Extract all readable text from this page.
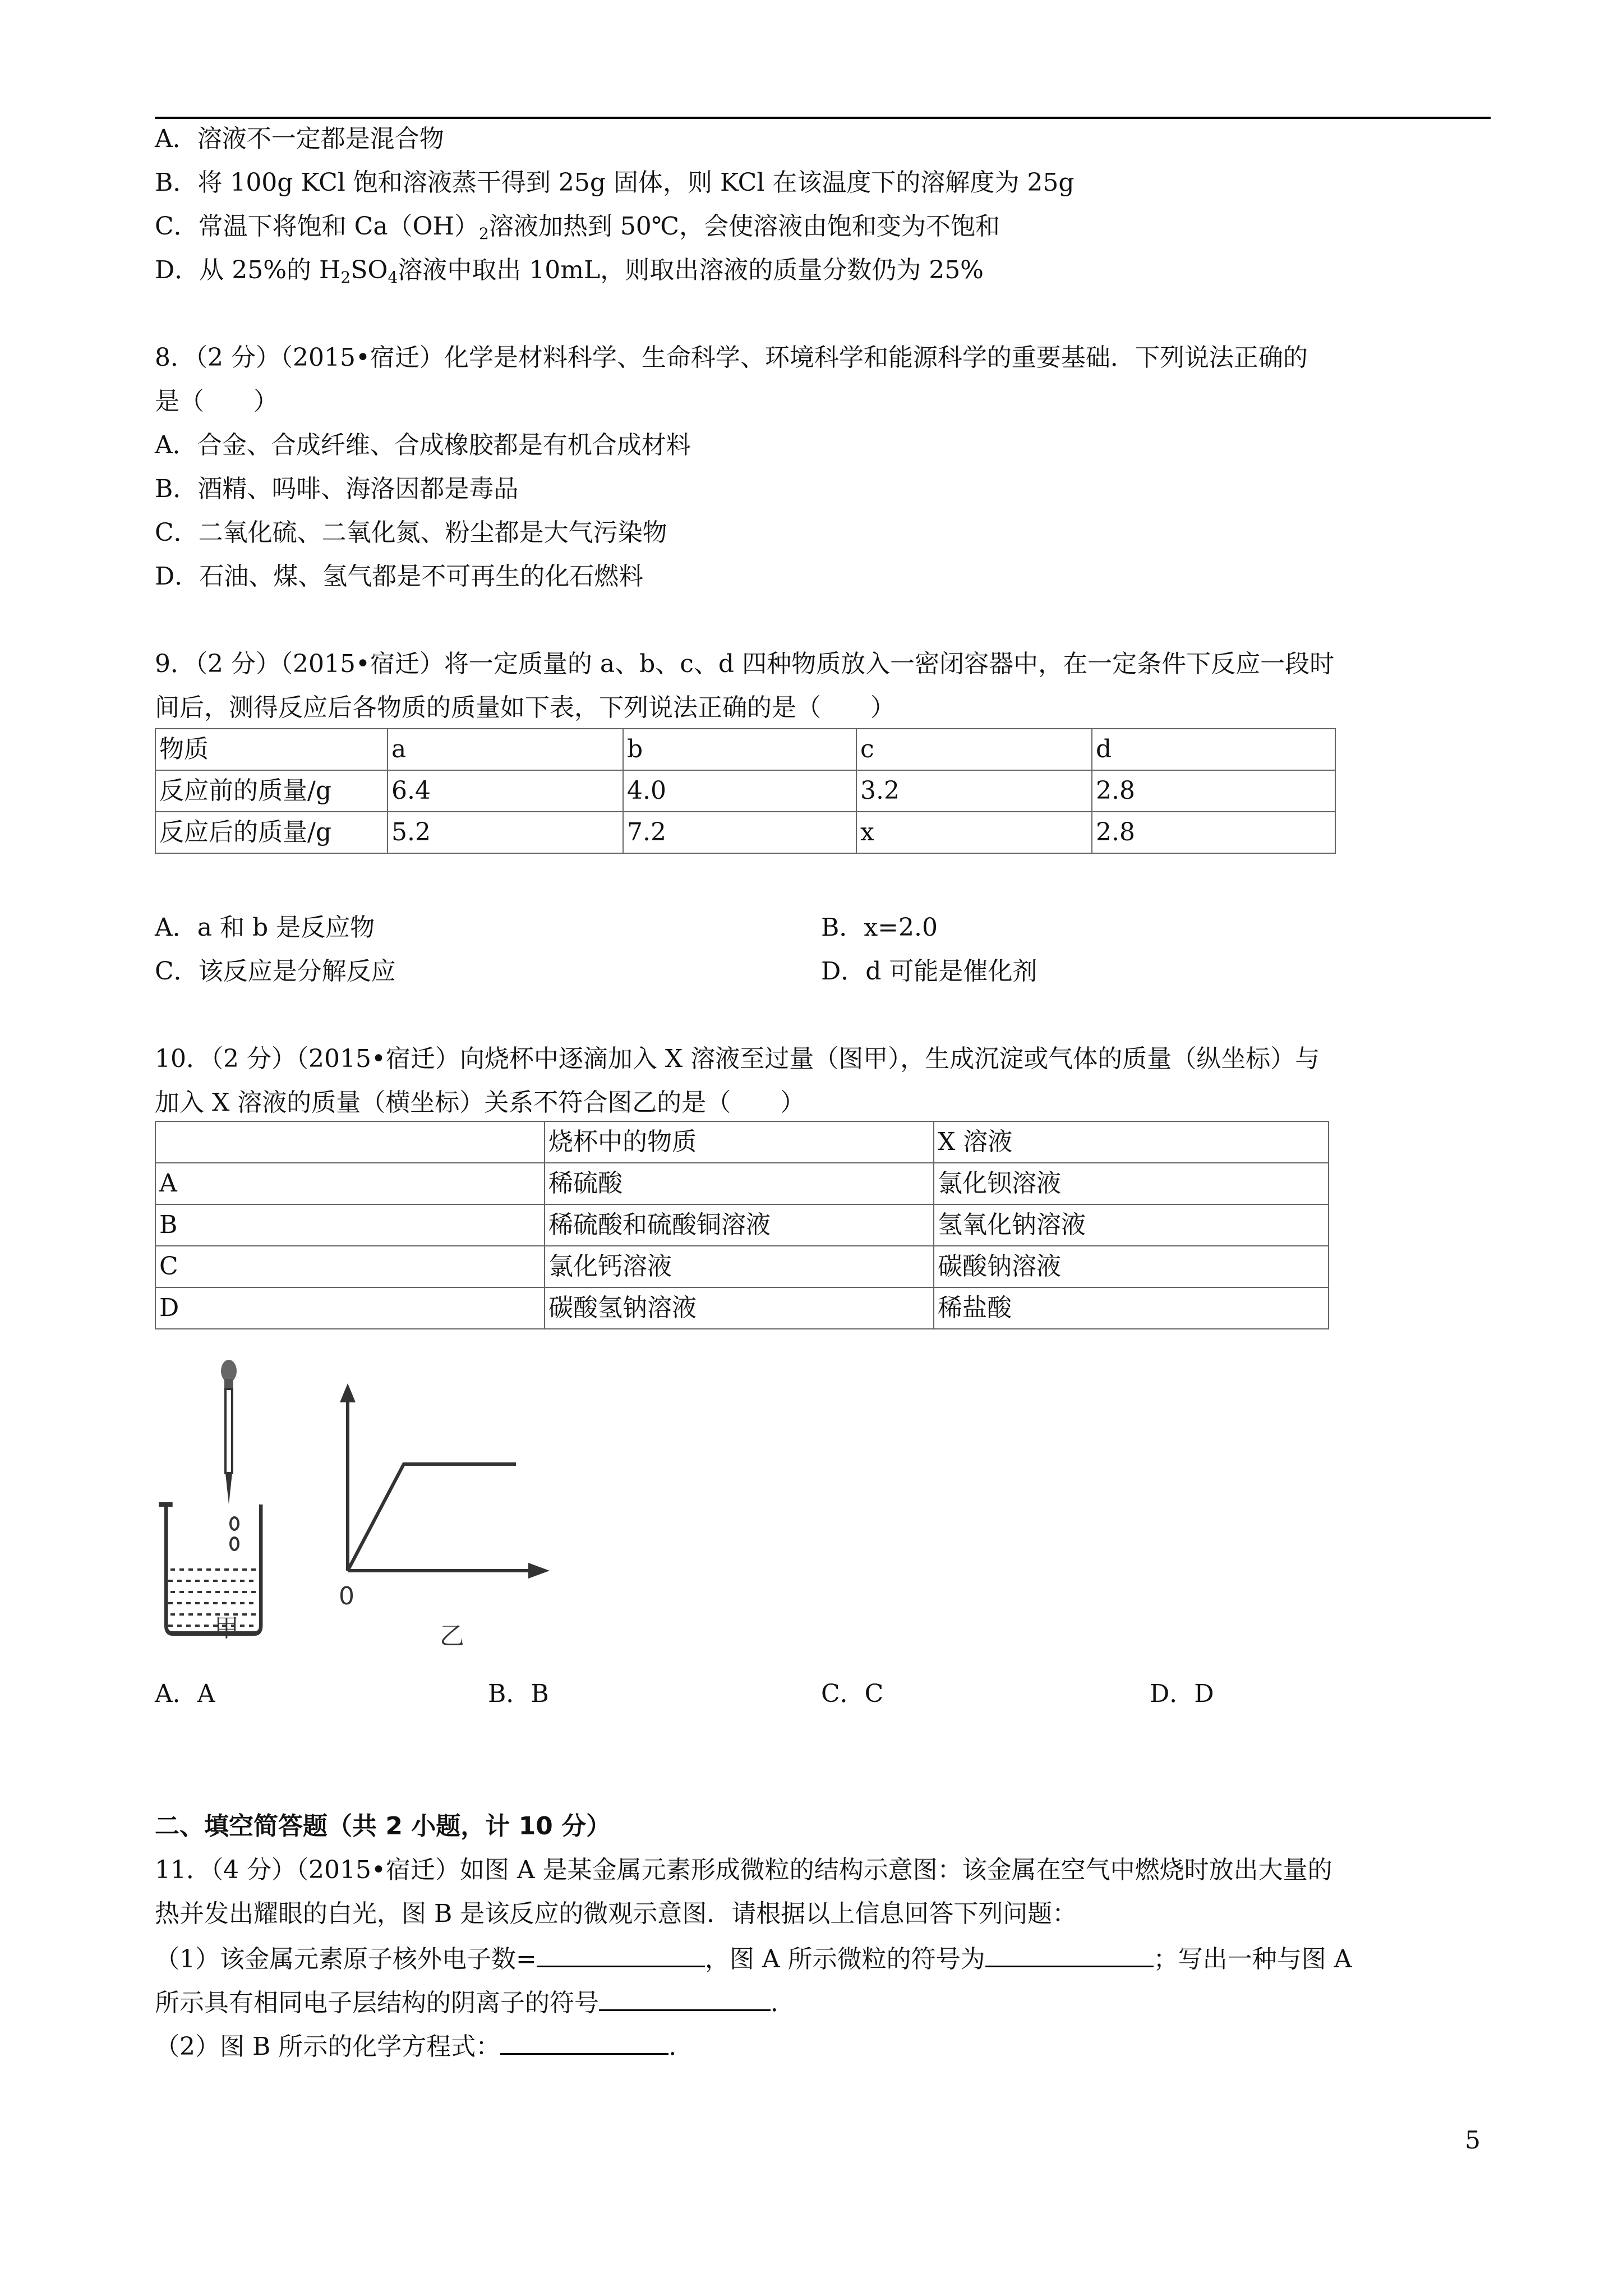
A．溶液不一定都是混合物
B．将 100g KCl 饱和溶液蒸干得到 25g 固体，则 KCl 在该温度下的溶解度为 25g
C．常温下将饱和 $Ca(OH)_2$溶液加热到 50℃，会使溶液由饱和变为不饱和
D．从 25%的 $H_2SO_4$溶液中取出 10mL，则取出溶液的质量分数仍为 25%
8．（2 分）（2015•宿迁）化学是材料科学、生命科学、环境科学和能源科学的重要基础．下列说法正确的
是（　　）
A．合金、合成纤维、合成橡胶都是有机合成材料
B．酒精、吗啡、海洛因都是毒品
C．二氧化硫、二氧化氮、粉尘都是大气污染物
D．石油、煤、氢气都是不可再生的化石燃料
9．（2 分）（2015•宿迁）将一定质量的 a、b、c、d 四种物质放入一密闭容器中，在一定条件下反应一段时
间后，测得反应后各物质的质量如下表，下列说法正确的是（　　）
物质	a	b	c	d
反应前的质量/g	6.4	4.0	3.2	2.8
反应后的质量/g	5.2	7.2	x	2.8
A．a 和 b 是反应物	B．x=2.0
C．该反应是分解反应	D．d 可能是催化剂
10．（2 分）（2015•宿迁）向烧杯中逐滴加入 X 溶液至过量（图甲），生成沉淀或气体的质量（纵坐标）与
加入 X 溶液的质量（横坐标）关系不符合图乙的是（　　）
	烧杯中的物质	X 溶液
A	稀硫酸	氯化钡溶液
B	稀硫酸和硫酸铜溶液	氢氧化钠溶液
C	氯化钙溶液	碳酸钠溶液
D	碳酸氢钠溶液	稀盐酸
甲
0
乙
A．A	B．B	C．C	D．D
二、填空简答题（共 2 小题，计 10 分）
11．（4 分）（2015•宿迁）如图 A 是某金属元素形成微粒的结构示意图：该金属在空气中燃烧时放出大量的
热并发出耀眼的白光，图 B 是该反应的微观示意图．请根据以上信息回答下列问题：
（1）该金属元素原子核外电子数=	，图 A 所示微粒的符号为	；写出一种与图 A
所示具有相同电子层结构的阴离子的符号	．
（2）图 B 所示的化学方程式：	．
5
